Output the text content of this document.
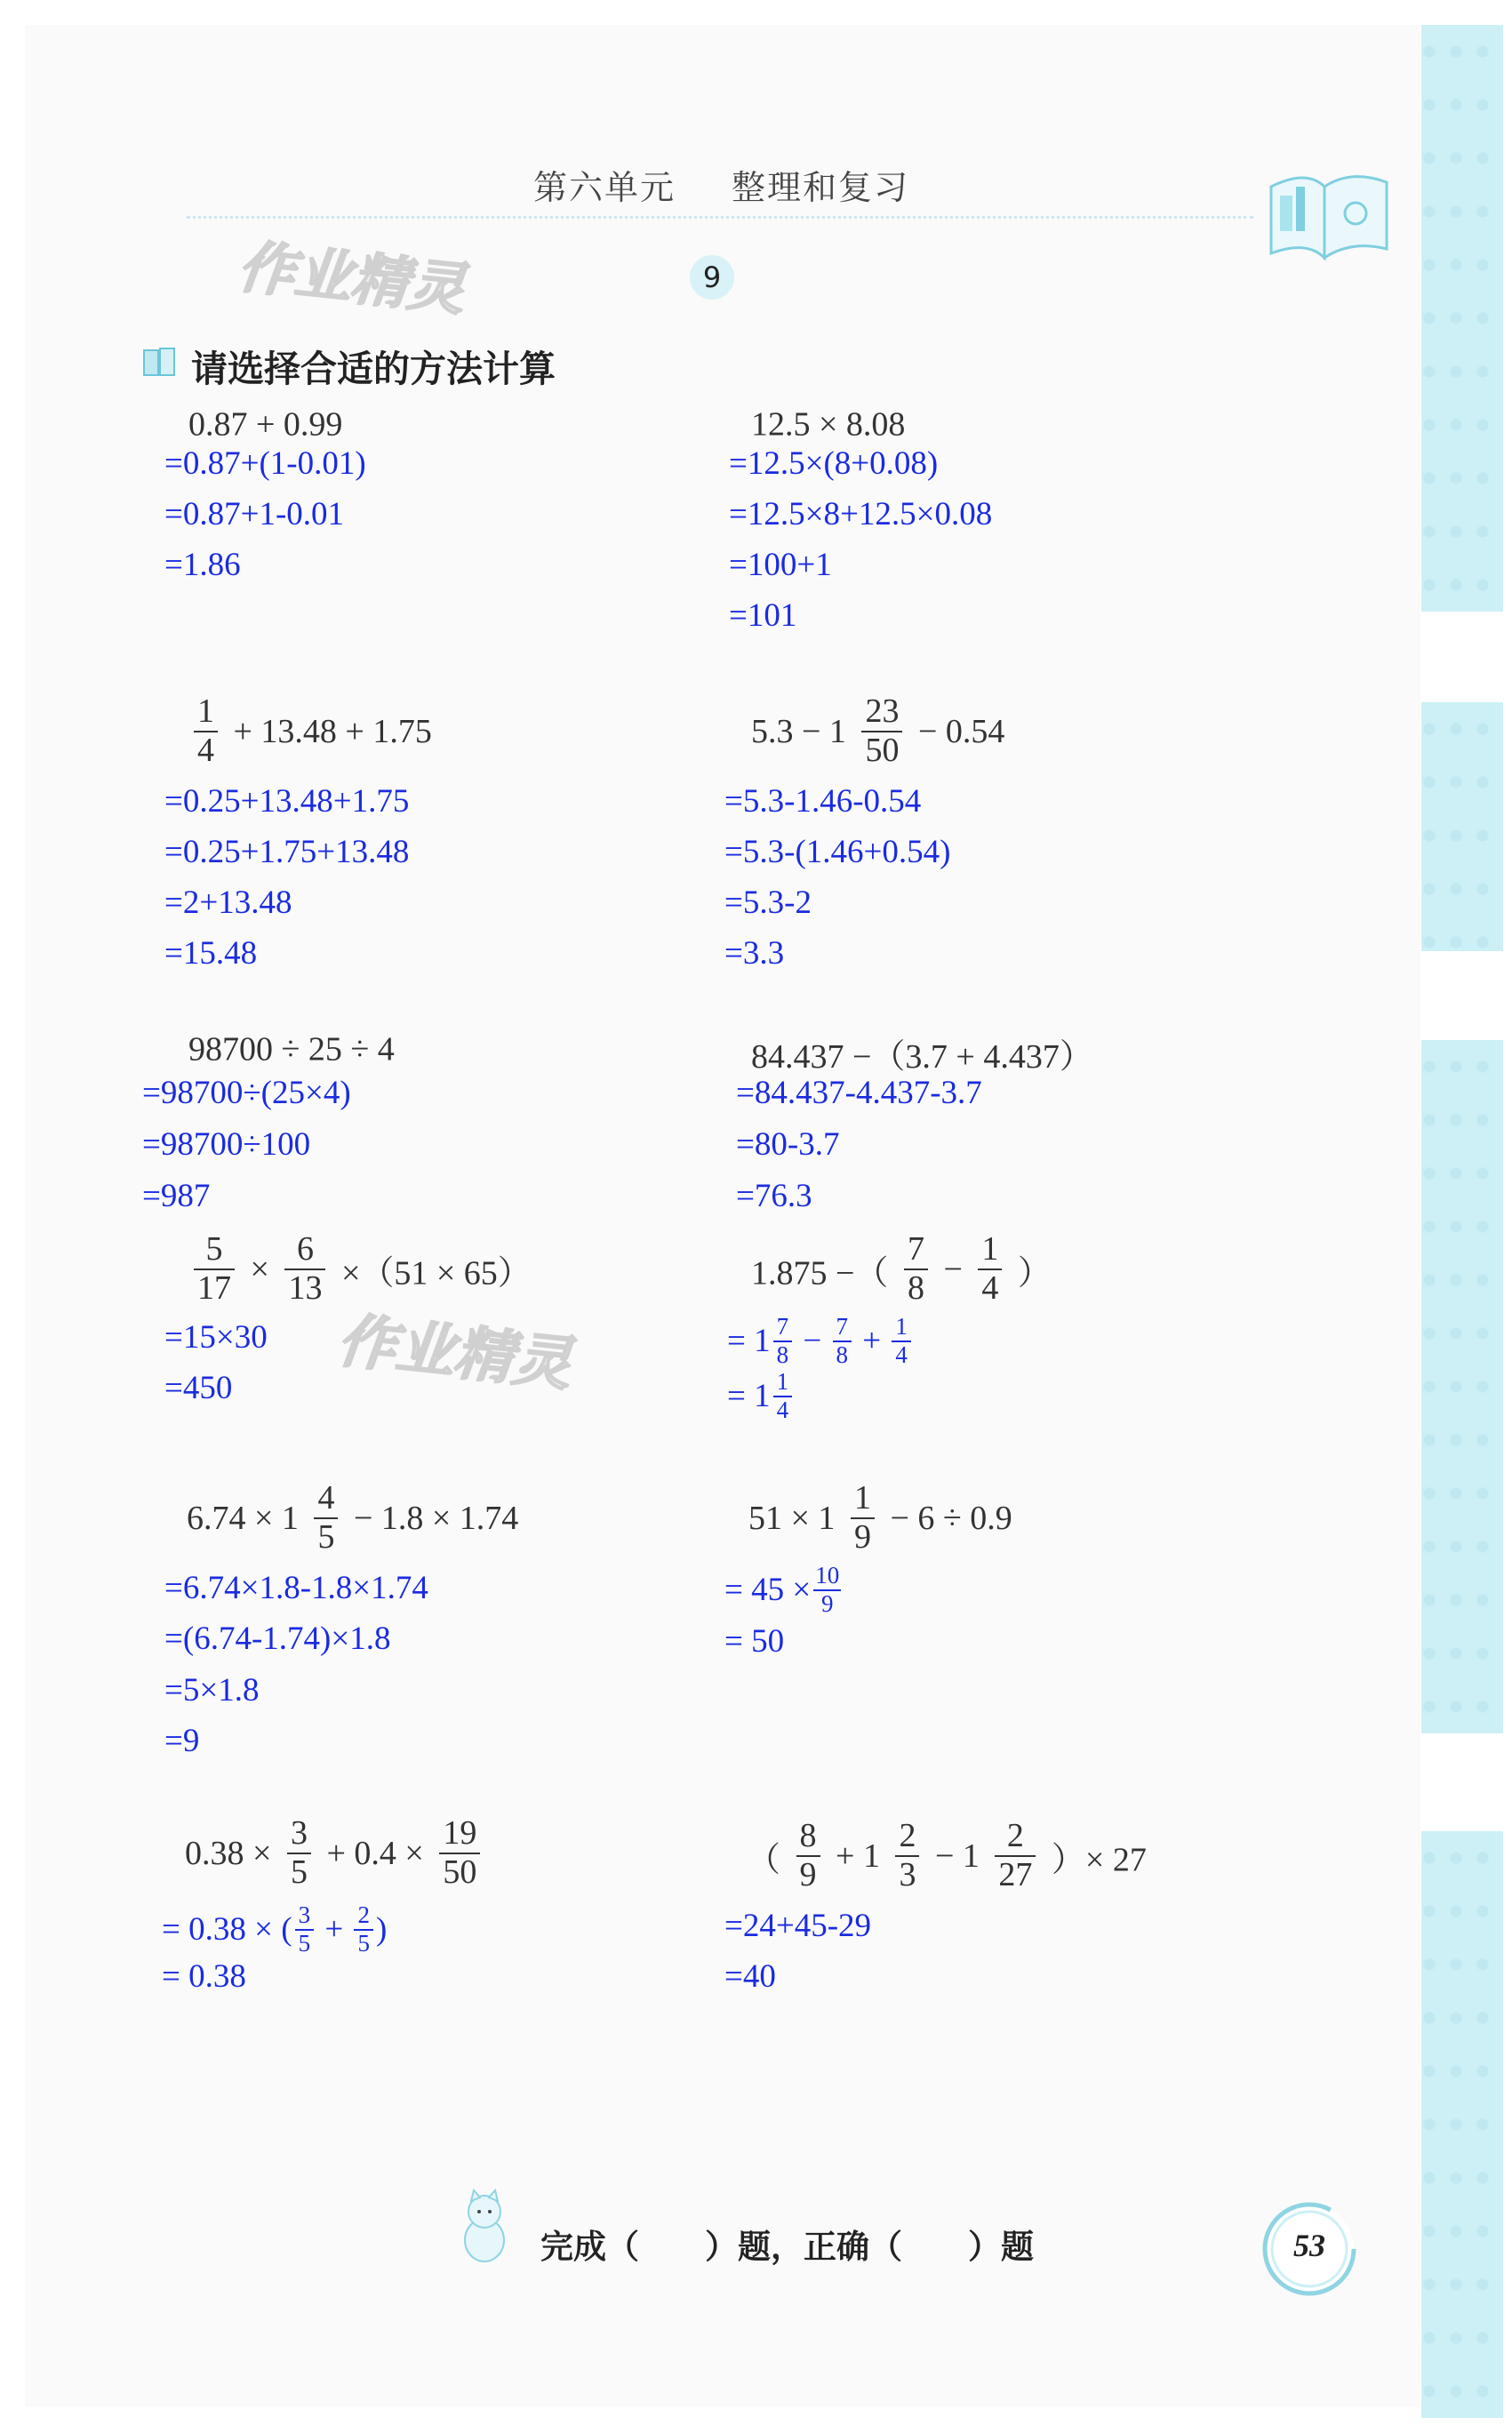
第六单元 整理和复习
作业精灵	9
请选择合适的方法计算
0.87 + 0.99
=0.87+(1-0.01)
=0.87+1-0.01
=1.86
12.5 × 8.08
=12.5×(8+0.08)
=12.5×8+12.5×0.08
=100+1
=101
$\frac{1}{4} + 13.48 + 1.75$
=0.25+13.48+1.75
=0.25+1.75+13.48
=2+13.48
=15.48
$5.3 - 1 \frac{23}{50} - 0.54$
=5.3-1.46-0.54
=5.3-(1.46+0.54)
=5.3-2
=3.3
98700 ÷ 25 ÷ 4
=98700÷(25×4)
=98700÷100
=987
84.437 −（3.7 + 4.437）
=84.437-4.437-3.7
=80-3.7
=76.3
$\frac{5}{17} \times \frac{6}{13} \times(51 \times 65)$
=15×30
=450 作业精灵
1.875 −（ $\frac{7}{8} - \frac{1}{4}$ ）
= $1 \frac{7}{8} - \frac{7}{8} + \frac{1}{4}$
= $1 \frac{1}{4}$
$6.74 \times 1 \frac{4}{5} - 1.8 \times 1.74$
=6.74×1.8-1.8×1.74
=(6.74-1.74)×1.8
=5×1.8
=9
$51 \times 1 \frac{1}{9} - 6 \div 0.9$
= $45 \times \frac{10}{9}$
= 50
$0.38 \times \frac{3}{5} + 0.4 \times \frac{19}{50}$
= 0.38 × ( $\frac{3}{5} + \frac{2}{5}$ )
= 0.38
（ $\frac{8}{9} + 1 \frac{2}{3} - 1 \frac{2}{27}$ ）× 27
=24+45-29
=40
完成（　　）题，正确（　　）题	53
